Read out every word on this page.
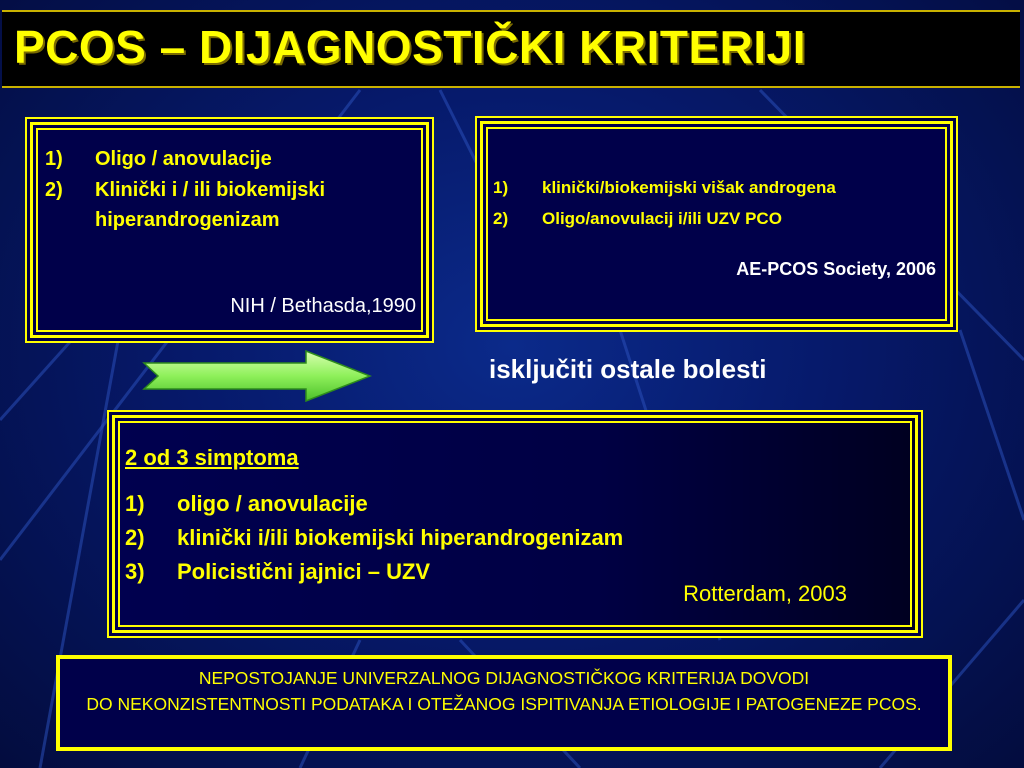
PCOS – DIJAGNOSTIČKI KRITERIJI
1) Oligo / anovulacije
2) Klinički i / ili biokemijski hiperandrogenizam

NIH / Bethasda,1990

1) klinički/biokemijski višak androgena
2) Oligo/anovulacij i/ili UZV PCO

AE-PCOS Society, 2006

isključiti ostale bolesti

2 od 3 simptoma

1) oligo / anovulacije
2) klinički i/ili biokemijski hiperandrogenizam
3) Policistični jajnici – UZV

Rotterdam, 2003

NEPOSTOJANJE UNIVERZALNOG DIJAGNOSTIČKOG KRITERIJA DOVODI

DO NEKONZISTENTNOSTI PODATAKA I OTEŽANOG ISPITIVANJA ETIOLOGIJE I PATOGENEZE PCOS.
